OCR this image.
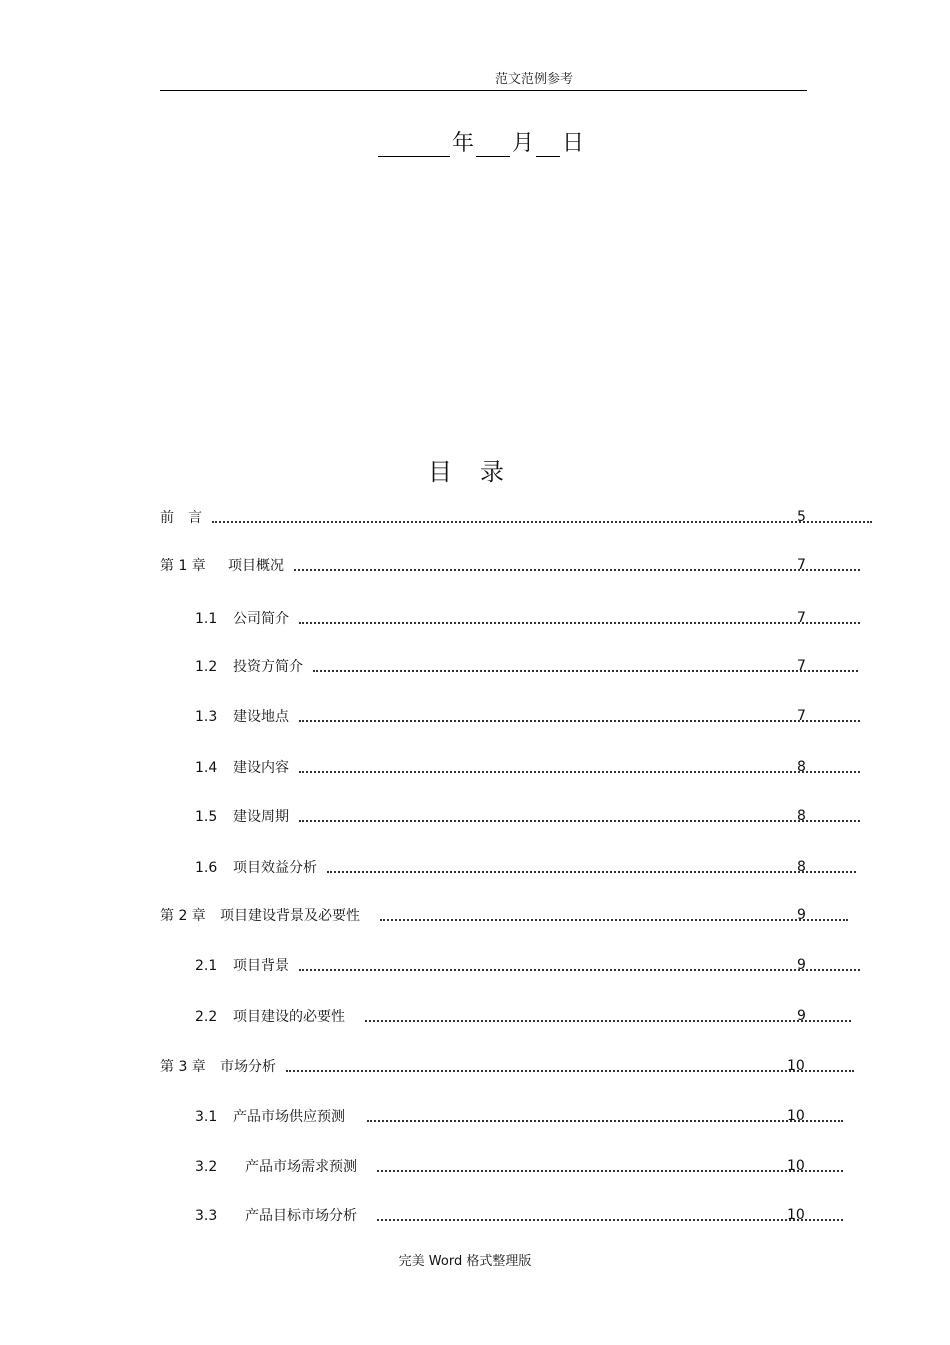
范文范例参考
年 月 日
目录
前　言	5
第 1 章 项目概况	7
1.1 公司简介	7
1.2 投资方简介	7
1.3 建设地点	7
1.4 建设内容	8
1.5 建设周期	8
1.6 项目效益分析	8
第 2 章 项目建设背景及必要性	9
2.1 项目背景	9
2.2 项目建设的必要性	9
第 3 章 市场分析	10
3.1 产品市场供应预测	10
3.2 产品市场需求预测	10
3.3 产品目标市场分析	10
完美 Word 格式整理版
